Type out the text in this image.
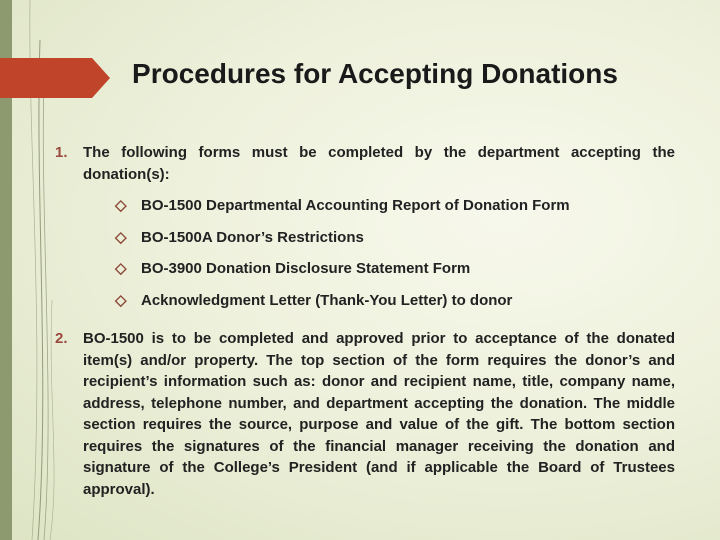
Procedures for Accepting Donations
1. The following forms must be completed by the department accepting the donation(s):
◇ BO-1500 Departmental Accounting Report of Donation Form
◇ BO-1500A Donor’s Restrictions
◇ BO-3900 Donation Disclosure Statement Form
◇ Acknowledgment Letter (Thank-You Letter) to donor
2. BO-1500 is to be completed and approved prior to acceptance of the donated item(s) and/or property. The top section of the form requires the donor’s and recipient’s information such as: donor and recipient name, title, company name, address, telephone number, and department accepting the donation. The middle section requires the source, purpose and value of the gift. The bottom section requires the signatures of the financial manager receiving the donation and signature of the College’s President (and if applicable the Board of Trustees approval).
